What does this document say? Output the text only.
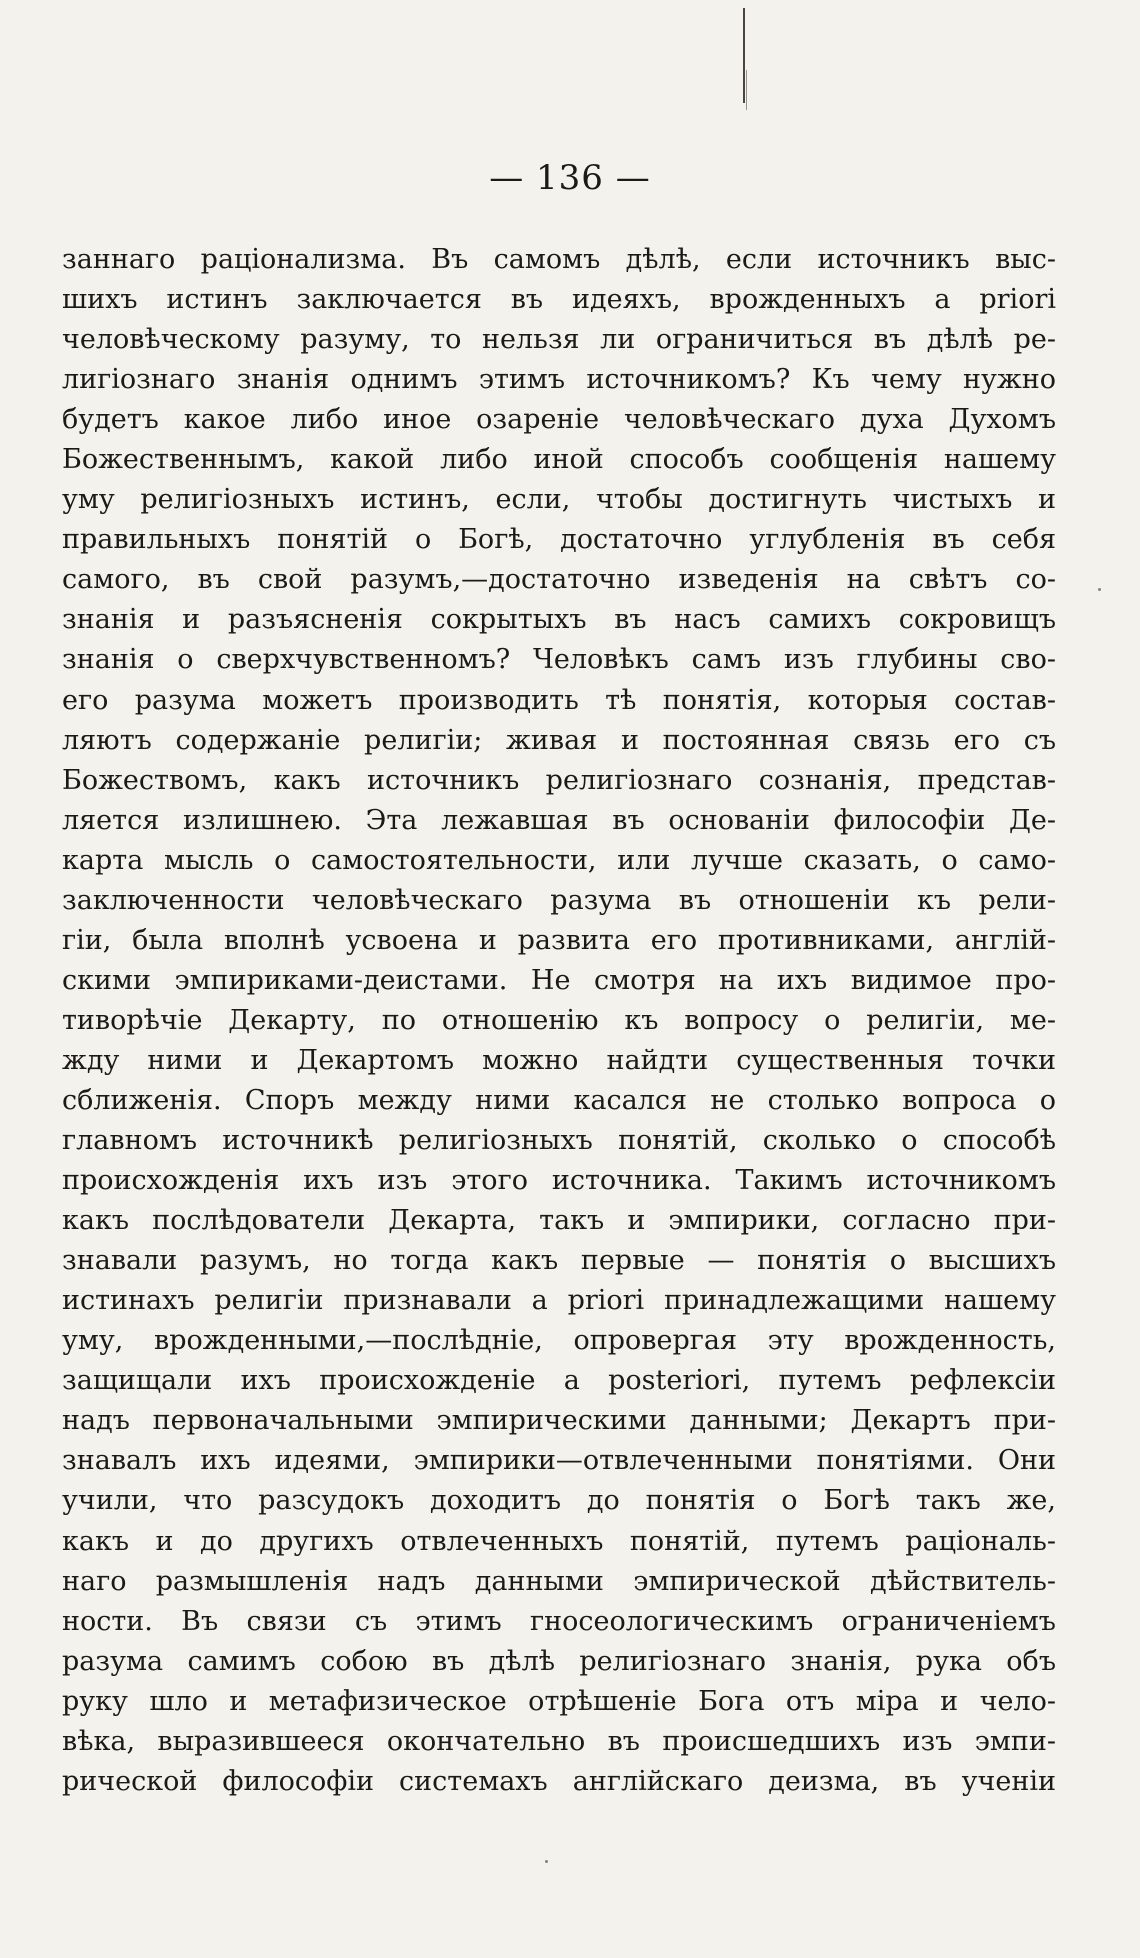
— 136 —
заннаго раціонализма. Въ самомъ дѣлѣ, если источникъ выс-
шихъ истинъ заключается въ идеяхъ, врожденныхъ a priori
человѣческому разуму, то нельзя ли ограничиться въ дѣлѣ ре-
лигіознаго знанія однимъ этимъ источникомъ? Къ чему нужно
будетъ какое либо иное озареніе человѣческаго духа Духомъ
Божественнымъ, какой либо иной способъ сообщенія нашему
уму религіозныхъ истинъ, если, чтобы достигнуть чистыхъ и
правильныхъ понятій о Богѣ, достаточно углубленія въ себя
самого, въ свой разумъ,—достаточно изведенія на свѣтъ со-
знанія и разъясненія сокрытыхъ въ насъ самихъ сокровищъ
знанія о сверхчувственномъ? Человѣкъ самъ изъ глубины сво-
его разума можетъ производить тѣ понятія, которыя состав-
ляютъ содержаніе религіи; живая и постоянная связь его съ
Божествомъ, какъ источникъ религіознаго сознанія, представ-
ляется излишнею. Эта лежавшая въ основаніи философіи Де-
карта мысль о самостоятельности, или лучше сказать, о само-
заключенности человѣческаго разума въ отношеніи къ рели-
гіи, была вполнѣ усвоена и развита его противниками, англій-
скими эмпириками-деистами. Не смотря на ихъ видимое про-
тиворѣчіе Декарту, по отношенію къ вопросу о религіи, ме-
жду ними и Декартомъ можно найдти существенныя точки
сближенія. Споръ между ними касался не столько вопроса о
главномъ источникѣ религіозныхъ понятій, сколько о способѣ
происхожденія ихъ изъ этого источника. Такимъ источникомъ
какъ послѣдователи Декарта, такъ и эмпирики, согласно при-
знавали разумъ, но тогда какъ первые — понятія о высшихъ
истинахъ религіи признавали a priori принадлежащими нашему
уму, врожденными,—послѣдніе, опровергая эту врожденность,
защищали ихъ происхожденіе a posteriori, путемъ рефлексіи
надъ первоначальными эмпирическими данными; Декартъ при-
знавалъ ихъ идеями, эмпирики—отвлеченными понятіями. Они
учили, что разсудокъ доходитъ до понятія о Богѣ такъ же,
какъ и до другихъ отвлеченныхъ понятій, путемъ раціональ-
наго размышленія надъ данными эмпирической дѣйствитель-
ности. Въ связи съ этимъ гносеологическимъ ограниченіемъ
разума самимъ собою въ дѣлѣ религіознаго знанія, рука объ
руку шло и метафизическое отрѣшеніе Бога отъ міра и чело-
вѣка, выразившееся окончательно въ происшедшихъ изъ эмпи-
рической философіи системахъ англійскаго деизма, въ ученіи
